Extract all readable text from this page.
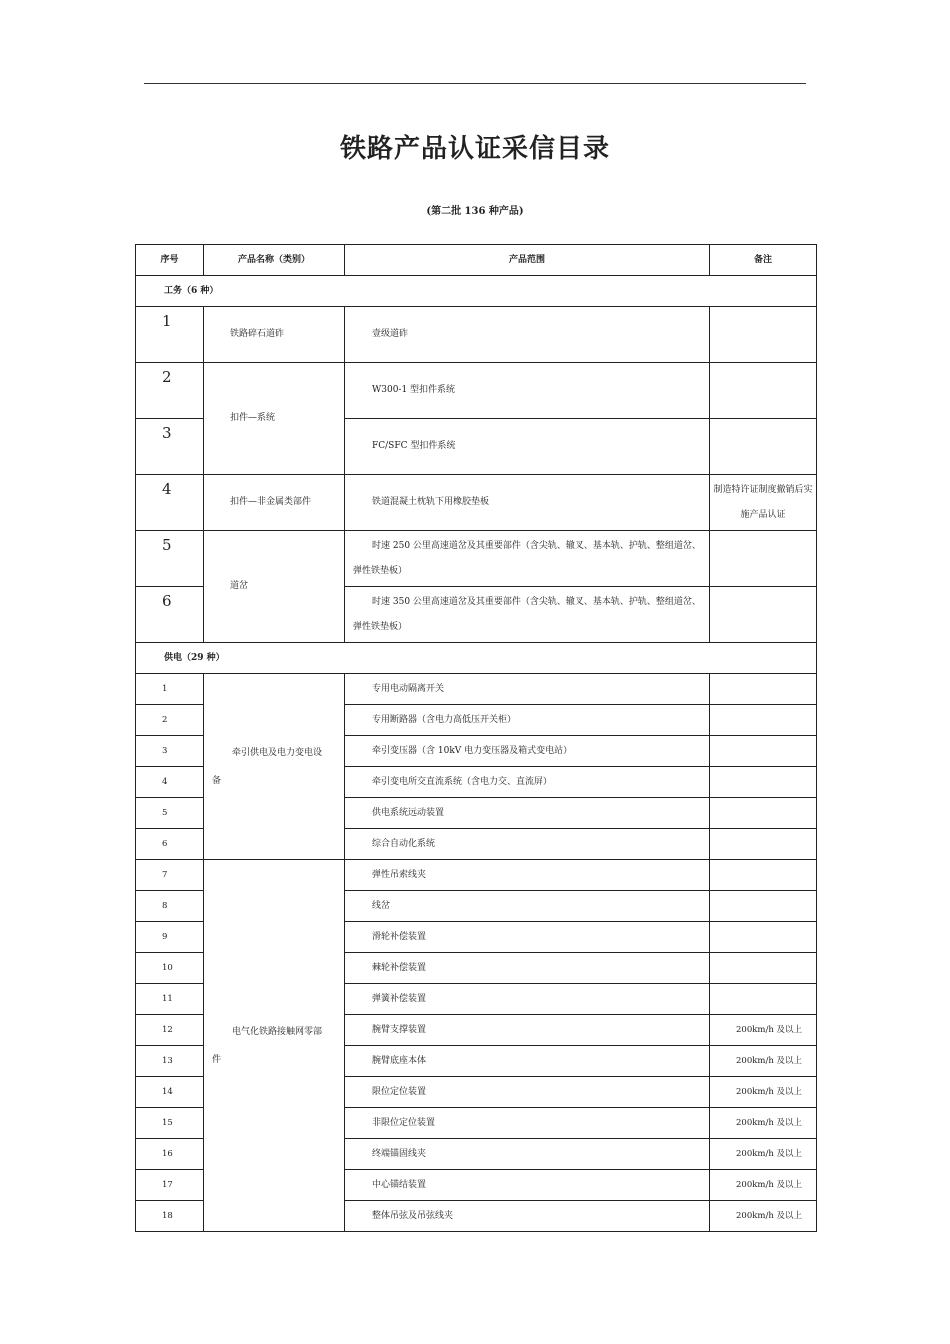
铁路产品认证采信目录
(第二批 136 种产品)
序号	产品名称（类别）	产品范围	备注
工务（6 种）			
1	铁路碎石道砟	壹级道砟	
2	扣件—系统	W300-1 型扣件系统	
3		FC/SFC 型扣件系统	
4	扣件—非金属类部件	铁道混凝土枕轨下用橡胶垫板	制造特许证制度撤销后实施产品认证
5	道岔	时速 250 公里高速道岔及其重要部件（含尖轨、辙叉、基本轨、护轨、整组道岔、弹性铁垫板）	
6		时速 350 公里高速道岔及其重要部件（含尖轨、辙叉、基本轨、护轨、整组道岔、弹性铁垫板）	
供电（29 种）			
1	牵引供电及电力变电设备	专用电动隔离开关	
2		专用断路器（含电力高低压开关柜）	
3		牵引变压器（含 10kV 电力变压器及箱式变电站）	
4		牵引变电所交直流系统（含电力交、直流屏）	
5		供电系统远动装置	
6		综合自动化系统	
7	电气化铁路接触网零部件	弹性吊索线夹	
8		线岔	
9		滑轮补偿装置	
10		棘轮补偿装置	
11		弹簧补偿装置	
12		腕臂支撑装置	200km/h 及以上
13		腕臂底座本体	200km/h 及以上
14		限位定位装置	200km/h 及以上
15		非限位定位装置	200km/h 及以上
16		终端锚固线夹	200km/h 及以上
17		中心锚结装置	200km/h 及以上
18		整体吊弦及吊弦线夹	200km/h 及以上
